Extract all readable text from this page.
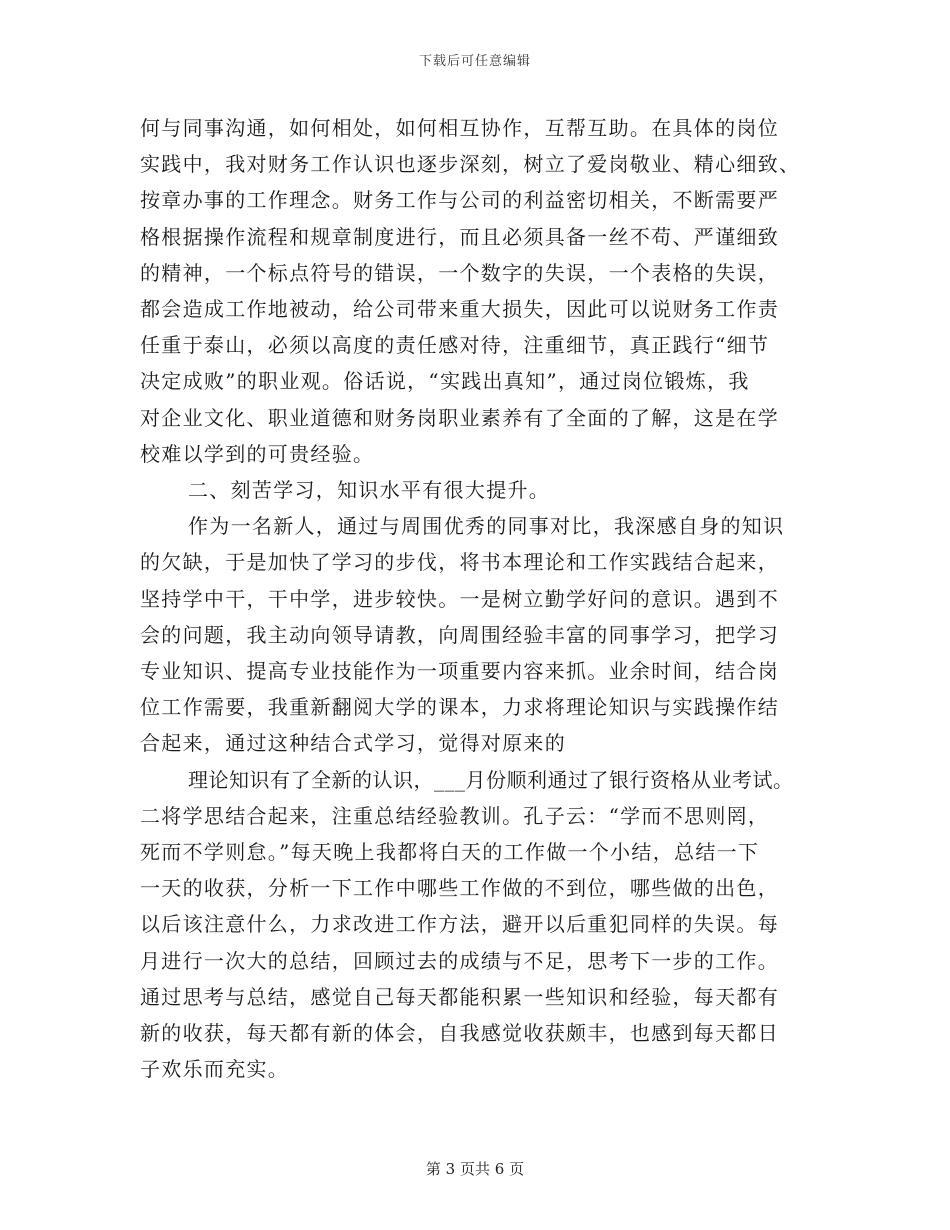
下载后可任意编辑
何与同事沟通，如何相处，如何相互协作，互帮互助。在具体的岗位
实践中，我对财务工作认识也逐步深刻，树立了爱岗敬业、精心细致、
按章办事的工作理念。财务工作与公司的利益密切相关，不断需要严
格根据操作流程和规章制度进行，而且必须具备一丝不苟、严谨细致
的精神，一个标点符号的错误，一个数字的失误，一个表格的失误，
都会造成工作地被动，给公司带来重大损失，因此可以说财务工作责
任重于泰山，必须以高度的责任感对待，注重细节，真正践行“细节
决定成败”的职业观。俗话说，“实践出真知”，通过岗位锻炼，我
对企业文化、职业道德和财务岗职业素养有了全面的了解，这是在学
校难以学到的可贵经验。
二、刻苦学习，知识水平有很大提升。
作为一名新人，通过与周围优秀的同事对比，我深感自身的知识
的欠缺，于是加快了学习的步伐，将书本理论和工作实践结合起来，
坚持学中干，干中学，进步较快。一是树立勤学好问的意识。遇到不
会的问题，我主动向领导请教，向周围经验丰富的同事学习，把学习
专业知识、提高专业技能作为一项重要内容来抓。业余时间，结合岗
位工作需要，我重新翻阅大学的课本，力求将理论知识与实践操作结
合起来，通过这种结合式学习，觉得对原来的
理论知识有了全新的认识，___月份顺利通过了银行资格从业考试。
二将学思结合起来，注重总结经验教训。孔子云：“学而不思则罔，
死而不学则怠。”每天晚上我都将白天的工作做一个小结，总结一下
一天的收获，分析一下工作中哪些工作做的不到位，哪些做的出色，
以后该注意什么，力求改进工作方法，避开以后重犯同样的失误。每
月进行一次大的总结，回顾过去的成绩与不足，思考下一步的工作。
通过思考与总结，感觉自己每天都能积累一些知识和经验，每天都有
新的收获，每天都有新的体会，自我感觉收获颇丰，也感到每天都日
子欢乐而充实。
第 3 页共 6 页
